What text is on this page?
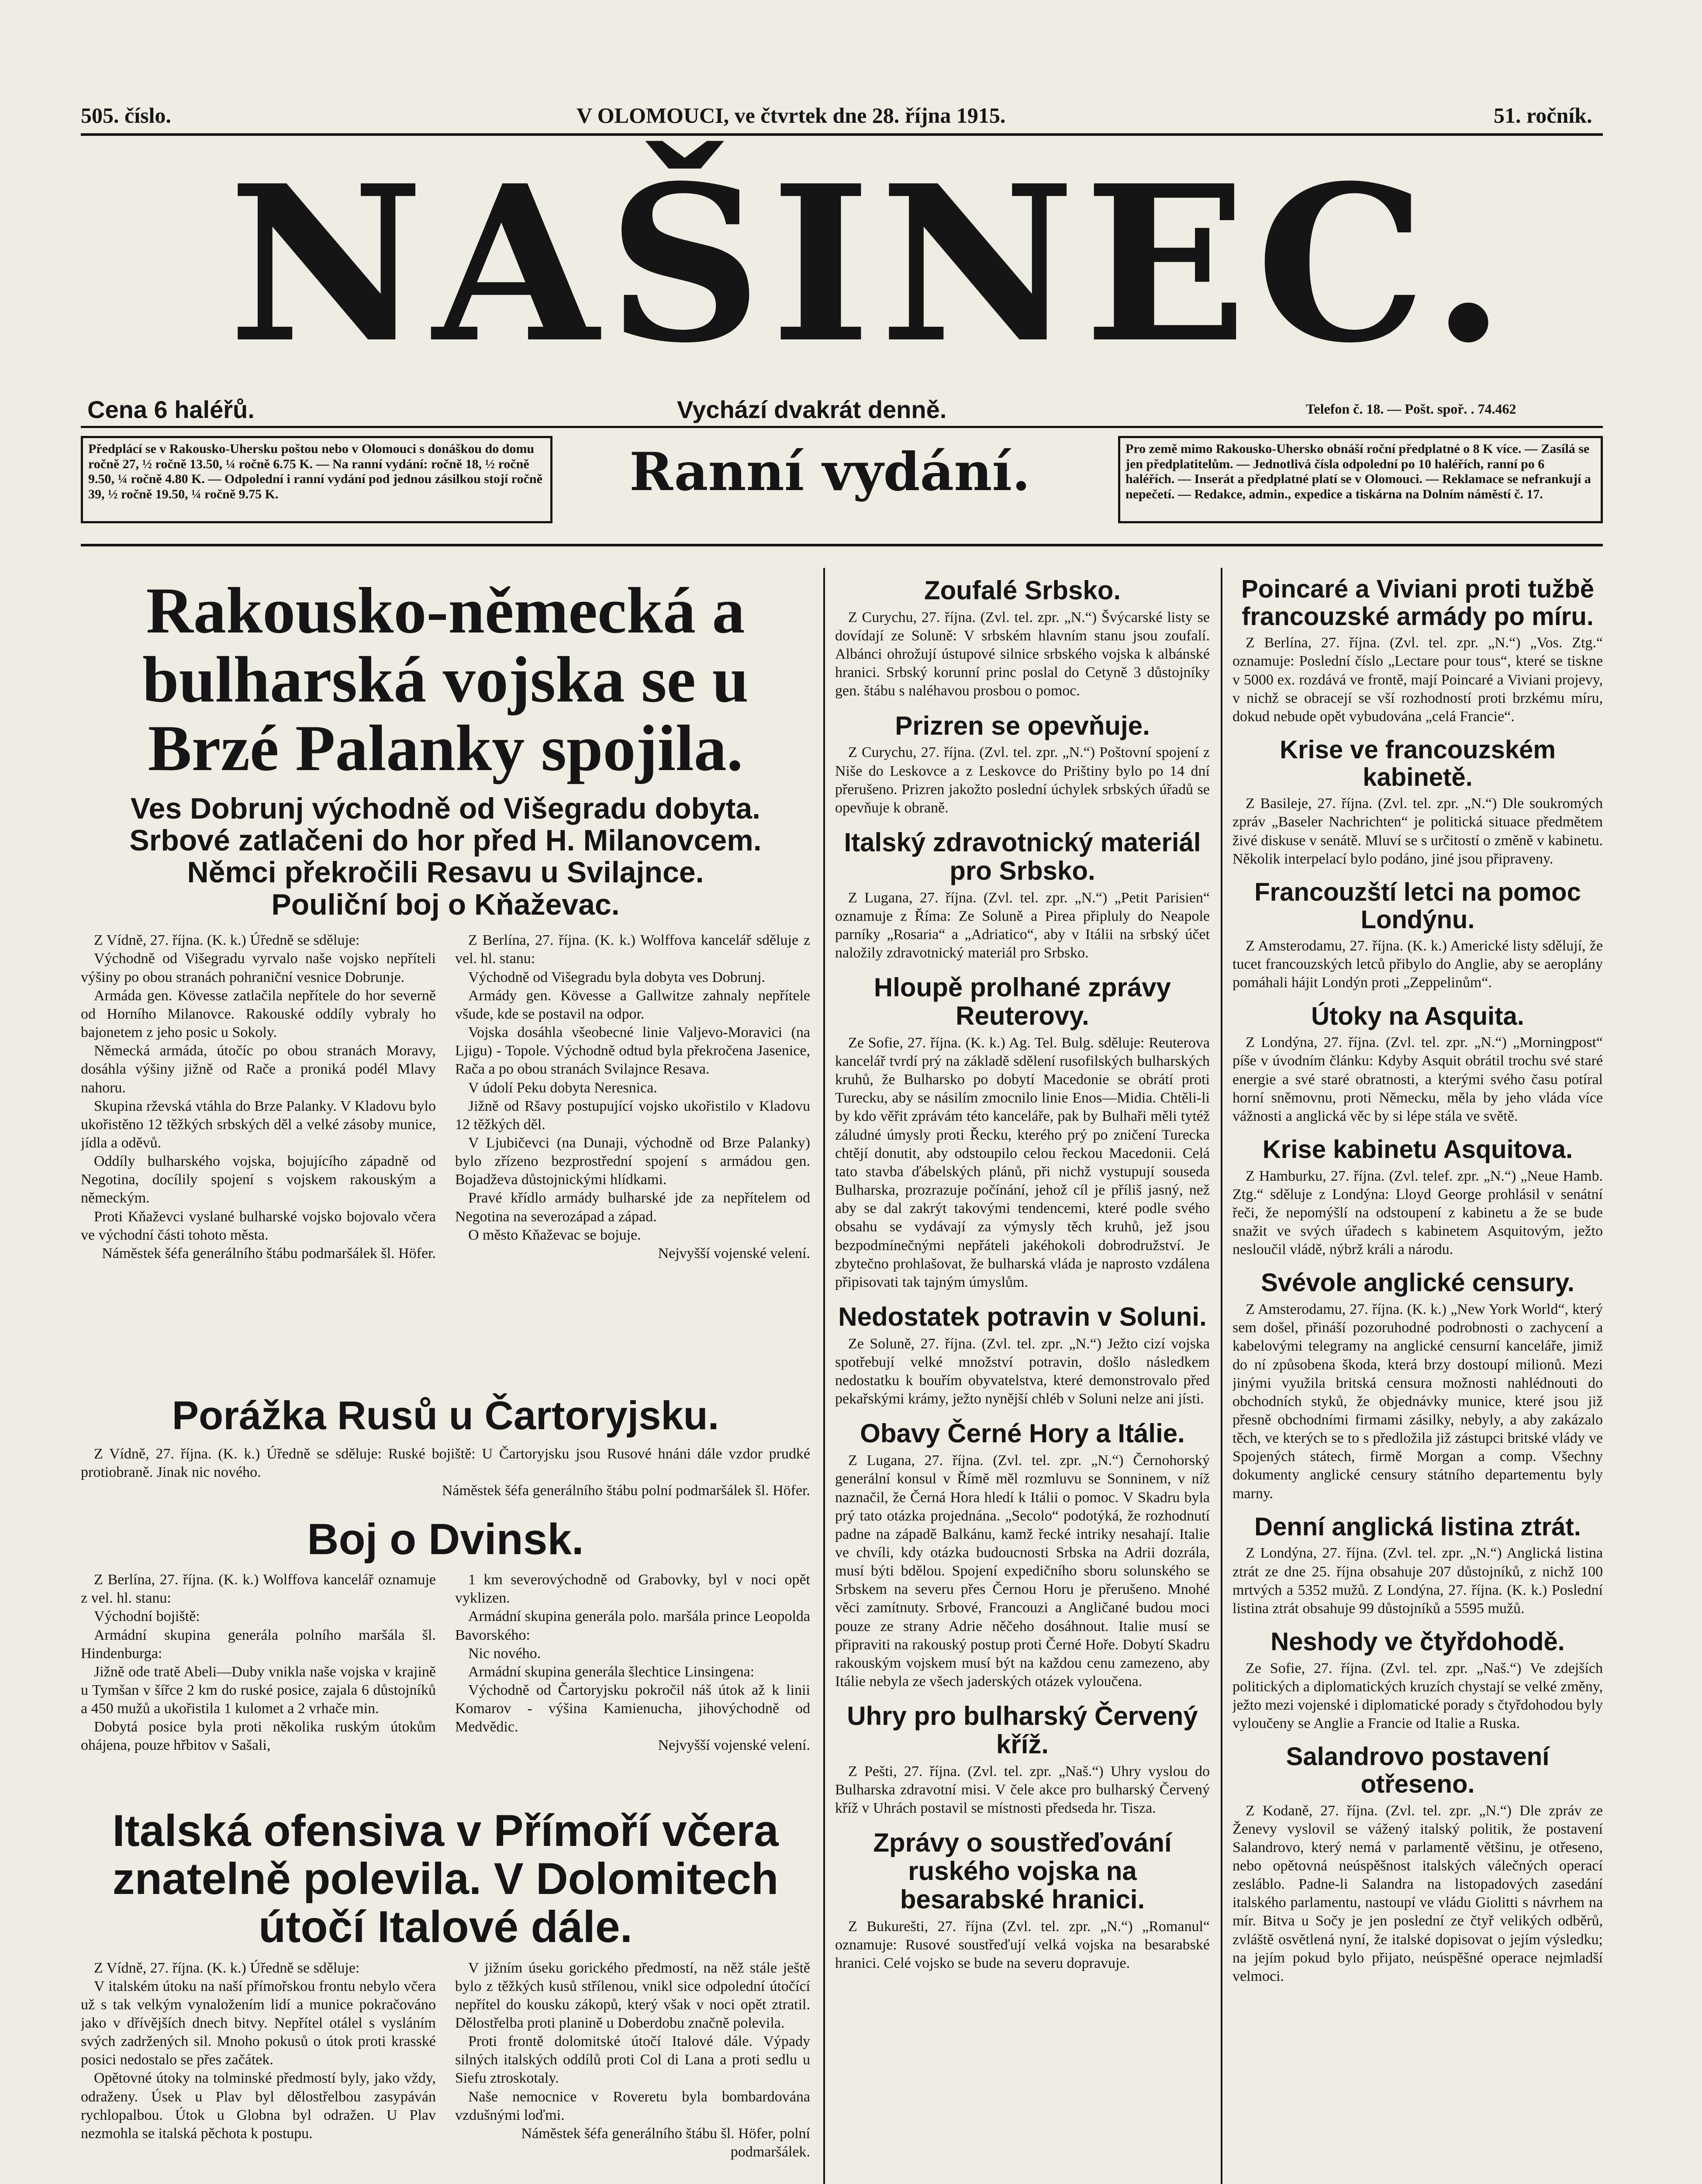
505. číslo.	V OLOMOUCI, ve čtvrtek dne 28. října 1915.	51. ročník.
NAŠINEC.
Cena 6 haléřů.	Vychází dvakrát denně.	Telefon č. 18. — Pošt. spoř. . 74.462
Předplácí se v Rakousko-Uhersku poštou nebo v Olomouci s donáškou do domu ročně 27, ½ ročně 13.50, ¼ ročně 6.75 K. — Na ranní vydání: ročně 18, ½ ročně 9.50, ¼ ročně 4.80 K. — Odpolední i ranní vydání pod jednou zásilkou stojí ročně 39, ½ ročně 19.50, ¼ ročně 9.75 K.	Ranní vydání.	Pro země mimo Rakousko-Uhersko obnáší roční předplatné o 8 K více. — Zasílá se jen předplatitelům. — Jednotlivá čísla odpolední po 10 haléřích, ranní po 6 haléřích. — Inserát a předplatné platí se v Olomouci. — Reklamace se nefrankují a nepečetí. — Redakce, admin., expedice a tiskárna na Dolním náměstí č. 17.
Rakousko-německá a bulharská vojska se u Brzé Palanky spojila.
Ves Dobrunj východně od Višegradu dobyta.
Srbové zatlačeni do hor před H. Milanovcem.
Němci překročili Resavu u Svilajnce.
Pouliční boj o Kňaževac.

Z Vídně, 27. října. (K. k.) Úředně se sděluje:

Východně od Višegradu vyrvalo naše vojsko nepříteli výšiny po obou stranách pohraniční vesnice Dobrunje.

Armáda gen. Kövesse zatlačila nepřítele do hor severně od Horního Milanovce. Rakouské oddíly vybraly ho bajonetem z jeho posic u Sokoly.

Německá armáda, útočíc po obou stranách Moravy, dosáhla výšiny jižně od Rače a proniká podél Mlavy nahoru.

Skupina rževská vtáhla do Brze Palanky. V Kladovu bylo ukořistěno 12 těžkých srbských děl a velké zásoby munice, jídla a oděvů.

Oddíly bulharského vojska, bojujícího západně od Negotina, docílily spojení s vojskem rakouským a německým.

Proti Kňaževci vyslané bulharské vojsko bojovalo včera ve východní části tohoto města.

Náměstek šéfa generálního štábu podmaršálek šl. Höfer.

Z Berlína, 27. října. (K. k.) Wolffova kancelář sděluje z vel. hl. stanu:

Východně od Višegradu byla dobyta ves Dobrunj.

Armády gen. Kövesse a Gallwitze zahnaly nepřítele všude, kde se postavil na odpor.

Vojska dosáhla všeobecné linie Valjevo-Moravici (na Ljigu) - Topole. Východně odtud byla překročena Jasenice, Rača a po obou stranách Svilajnce Resava.

V údolí Peku dobyta Neresnica.

Jižně od Ršavy postupující vojsko ukořistilo v Kladovu 12 těžkých děl.

V Ljubičevci (na Dunaji, východně od Brze Palanky) bylo zřízeno bezprostřední spojení s armádou gen. Bojadževa důstojnickými hlídkami.

Pravé křídlo armády bulharské jde za nepřítelem od Negotina na severozápad a západ.

O město Kňaževac se bojuje.

Nejvyšší vojenské velení.
Porážka Rusů u Čartoryjsku.

Z Vídně, 27. října. (K. k.) Úředně se sděluje: Ruské bojiště: U Čartoryjsku jsou Rusové hnáni dále vzdor prudké protiobraně. Jinak nic nového.

Náměstek šéfa generálního štábu polní podmaršálek šl. Höfer.
Boj o Dvinsk.

Z Berlína, 27. října. (K. k.) Wolffova kancelář oznamuje z vel. hl. stanu:

Východní bojiště:

Armádní skupina generála polního maršála šl. Hindenburga:

Jižně ode tratě Abeli—Duby vnikla naše vojska v krajině u Tymšan v šířce 2 km do ruské posice, zajala 6 důstojníků a 450 mužů a ukořistila 1 kulomet a 2 vrhače min.

Dobytá posice byla proti několika ruským útokům ohájena, pouze hřbitov v Sašali,

1 km severovýchodně od Grabovky, byl v noci opět vyklizen.

Armádní skupina generála polo. maršála prince Leopolda Bavorského:

Nic nového.

Armádní skupina generála šlechtice Linsingena:

Východně od Čartoryjsku pokročil náš útok až k linii Komarov - výšina Kamienucha, jihovýchodně od Medvědic.

Nejvyšší vojenské velení.
Italská ofensiva v Přímoří včera znatelně polevila. V Dolomitech útočí Italové dále.

Z Vídně, 27. října. (K. k.) Úředně se sděluje:

V italském útoku na naší přímořskou frontu nebylo včera už s tak velkým vynaložením lidí a munice pokračováno jako v dřívějších dnech bitvy. Nepřítel otálel s vysláním svých zadržených sil. Mnoho pokusů o útok proti krasské posici nedostalo se přes začátek.

Opětovné útoky na tolminské předmostí byly, jako vždy, odraženy. Úsek u Plav byl dělostřelbou zasypáván rychlopalbou. Útok u Globna byl odražen. U Plav nezmohla se italská pěchota k postupu.

V jižním úseku gorického předmostí, na něž stále ještě bylo z těžkých kusů střílenou, vnikl sice odpolední útočící nepřítel do kousku zákopů, který však v noci opět ztratil. Dělostřelba proti planině u Doberdobu značně polevila.

Proti frontě dolomitské útočí Italové dále. Výpady silných italských oddílů proti Col di Lana a proti sedlu u Siefu ztroskotaly.

Naše nemocnice v Roveretu byla bombardována vzdušnými loďmi.

Náměstek šéfa generálního štábu šl. Höfer, polní podmaršálek.

Zoufalé Srbsko.

Z Curychu, 27. října. (Zvl. tel. zpr. „N.“) Švýcarské listy se dovídají ze Soluně: V srbském hlavním stanu jsou zoufalí. Albánci ohrožují ústupové silnice srbského vojska k albánské hranici. Srbský korunní princ poslal do Cetyně 3 důstojníky gen. štábu s naléhavou prosbou o pomoc.

Prizren se opevňuje.

Z Curychu, 27. října. (Zvl. tel. zpr. „N.“) Poštovní spojení z Niše do Leskovce a z Leskovce do Prištiny bylo po 14 dní přerušeno. Prizren jakožto poslední úchylek srbských úřadů se opevňuje k obraně.

Italský zdravotnický materiál pro Srbsko.

Z Lugana, 27. října. (Zvl. tel. zpr. „N.“) „Petit Parisien“ oznamuje z Říma: Ze Soluně a Pirea připluly do Neapole parníky „Rosaria“ a „Adriatico“, aby v Itálii na srbský účet naložily zdravotnický materiál pro Srbsko.

Hloupě prolhané zprávy Reuterovy.

Ze Sofie, 27. října. (K. k.) Ag. Tel. Bulg. sděluje: Reuterova kancelář tvrdí prý na základě sdělení rusofilských bulharských kruhů, že Bulharsko po dobytí Macedonie se obrátí proti Turecku, aby se násilím zmocnilo linie Enos—Midia. Chtěli-li by kdo věřit zprávám této kanceláře, pak by Bulhaři měli tytéž záludné úmysly proti Řecku, kterého prý po zničení Turecka chtějí donutit, aby odstoupilo celou řeckou Macedonii. Celá tato stavba ďábelských plánů, při nichž vystupují souseda Bulharska, prozrazuje počínání, jehož cíl je příliš jasný, než aby se dal zakrýt takovými tendencemi, které podle svého obsahu se vydávají za výmysly těch kruhů, jež jsou bezpodmínečnými nepřáteli jakéhokoli dobrodružství. Je zbytečno prohlašovat, že bulharská vláda je naprosto vzdálena připisovati tak tajným úmyslům.

Nedostatek potravin v Soluni.

Ze Soluně, 27. října. (Zvl. tel. zpr. „N.“) Ježto cizí vojska spotřebují velké množství potravin, došlo následkem nedostatku k bouřím obyvatelstva, které demonstrovalo před pekařskými krámy, ježto nynější chléb v Soluni nelze ani jísti.

Obavy Černé Hory a Itálie.

Z Lugana, 27. října. (Zvl. tel. zpr. „N.“) Černohorský generální konsul v Římě měl rozmluvu se Sonninem, v níž naznačil, že Černá Hora hledí k Itálii o pomoc. V Skadru byla prý tato otázka projednána. „Secolo“ podotýká, že rozhodnutí padne na západě Balkánu, kamž řecké intriky nesahají. Italie ve chvíli, kdy otázka budoucnosti Srbska na Adrii dozrála, musí býti bdělou. Spojení expedičního sboru solunského se Srbskem na severu přes Černou Horu je přerušeno. Mnohé věci zamítnuty. Srbové, Francouzi a Angličané budou moci pouze ze strany Adrie něčeho dosáhnout. Italie musí se připraviti na rakouský postup proti Černé Hoře. Dobytí Skadru rakouským vojskem musí být na každou cenu zamezeno, aby Itálie nebyla ze všech jaderských otázek vyloučena.

Uhry pro bulharský Červený kříž.

Z Pešti, 27. října. (Zvl. tel. zpr. „Naš.“) Uhry vyslou do Bulharska zdravotní misi. V čele akce pro bulharský Červený kříž v Uhrách postavil se místnosti předseda hr. Tisza.

Zprávy o soustřeďování ruského vojska na besarabské hranici.

Z Bukurešti, 27. října (Zvl. tel. zpr. „N.“) „Romanul“ oznamuje: Rusové soustřeďují velká vojska na besarabské hranici. Celé vojsko se bude na severu dopravuje.

Poincaré a Viviani proti tužbě francouzské armády po míru.

Z Berlína, 27. října. (Zvl. tel. zpr. „N.“) „Vos. Ztg.“ oznamuje: Poslední číslo „Lectare pour tous“, které se tiskne v 5000 ex. rozdává ve frontě, mají Poincaré a Viviani projevy, v nichž se obracejí se vší rozhodností proti brzkému míru, dokud nebude opět vybudována „celá Francie“.

Krise ve francouzském kabinetě.

Z Basileje, 27. října. (Zvl. tel. zpr. „N.“) Dle soukromých zpráv „Baseler Nachrichten“ je politická situace předmětem živé diskuse v senátě. Mluví se s určitostí o změně v kabinetu. Několik interpelací bylo podáno, jiné jsou připraveny.

Francouzští letci na pomoc Londýnu.

Z Amsterodamu, 27. října. (K. k.) Americké listy sdělují, že tucet francouzských letců přibylo do Anglie, aby se aeroplány pomáhali hájit Londýn proti „Zeppelinům“.

Útoky na Asquita.

Z Londýna, 27. října. (Zvl. tel. zpr. „N.“) „Morningpost“ píše v úvodním článku: Kdyby Asquit obrátil trochu své staré energie a své staré obratnosti, a kterými svého času potíral horní sněmovnu, proti Německu, měla by jeho vláda více vážnosti a anglická věc by si lépe stála ve světě.

Krise kabinetu Asquitova.

Z Hamburku, 27. října. (Zvl. telef. zpr. „N.“) „Neue Hamb. Ztg.“ sděluje z Londýna: Lloyd George prohlásil v senátní řeči, že nepomýšlí na odstoupení z kabinetu a že se bude snažit ve svých úřadech s kabinetem Asquitovým, ježto nesloučil vládě, nýbrž králi a národu.

Svévole anglické censury.

Z Amsterodamu, 27. října. (K. k.) „New York World“, který sem došel, přináší pozoruhodné podrobnosti o zachycení a kabelovými telegramy na anglické censurní kanceláře, jimiž do ní způsobena škoda, která brzy dostoupí milionů. Mezi jinými využila britská censura možnosti nahlédnouti do obchodních styků, že objednávky munice, které jsou již přesně obchodními firmami zásilky, nebyly, a aby zakázalo těch, ve kterých se to s předložila již zástupci britské vlády ve Spojených státech, firmě Morgan a comp. Všechny dokumenty anglické censury státního departementu byly marny.

Denní anglická listina ztrát.

Z Londýna, 27. října. (Zvl. tel. zpr. „N.“) Anglická listina ztrát ze dne 25. října obsahuje 207 důstojníků, z nichž 100 mrtvých a 5352 mužů. Z Londýna, 27. října. (K. k.) Poslední listina ztrát obsahuje 99 důstojníků a 5595 mužů.

Neshody ve čtyřdohodě.

Ze Sofie, 27. října. (Zvl. tel. zpr. „Naš.“) Ve zdejších politických a diplomatických kruzích chystají se velké změny, ježto mezi vojenské i diplomatické porady s čtyřdohodou byly vyloučeny se Anglie a Francie od Italie a Ruska.

Salandrovo postavení otřeseno.

Z Kodaně, 27. října. (Zvl. tel. zpr. „N.“) Dle zpráv ze Ženevy vyslovil se vážený italský politik, že postavení Salandrovo, který nemá v parlamentě většinu, je otřeseno, nebo opětovná neúspěšnost italských válečných operací zesláblo. Padne-li Salandra na listopadových zasedání italského parlamentu, nastoupí ve vládu Giolitti s návrhem na mír. Bitva u Sočy je jen poslední ze čtyř velikých odběrů, zvláště osvětlená nyní, že italské dopisovat o jejím výsledku; na jejím pokud bylo přijato, neúspěšné operace nejmladší velmoci.
